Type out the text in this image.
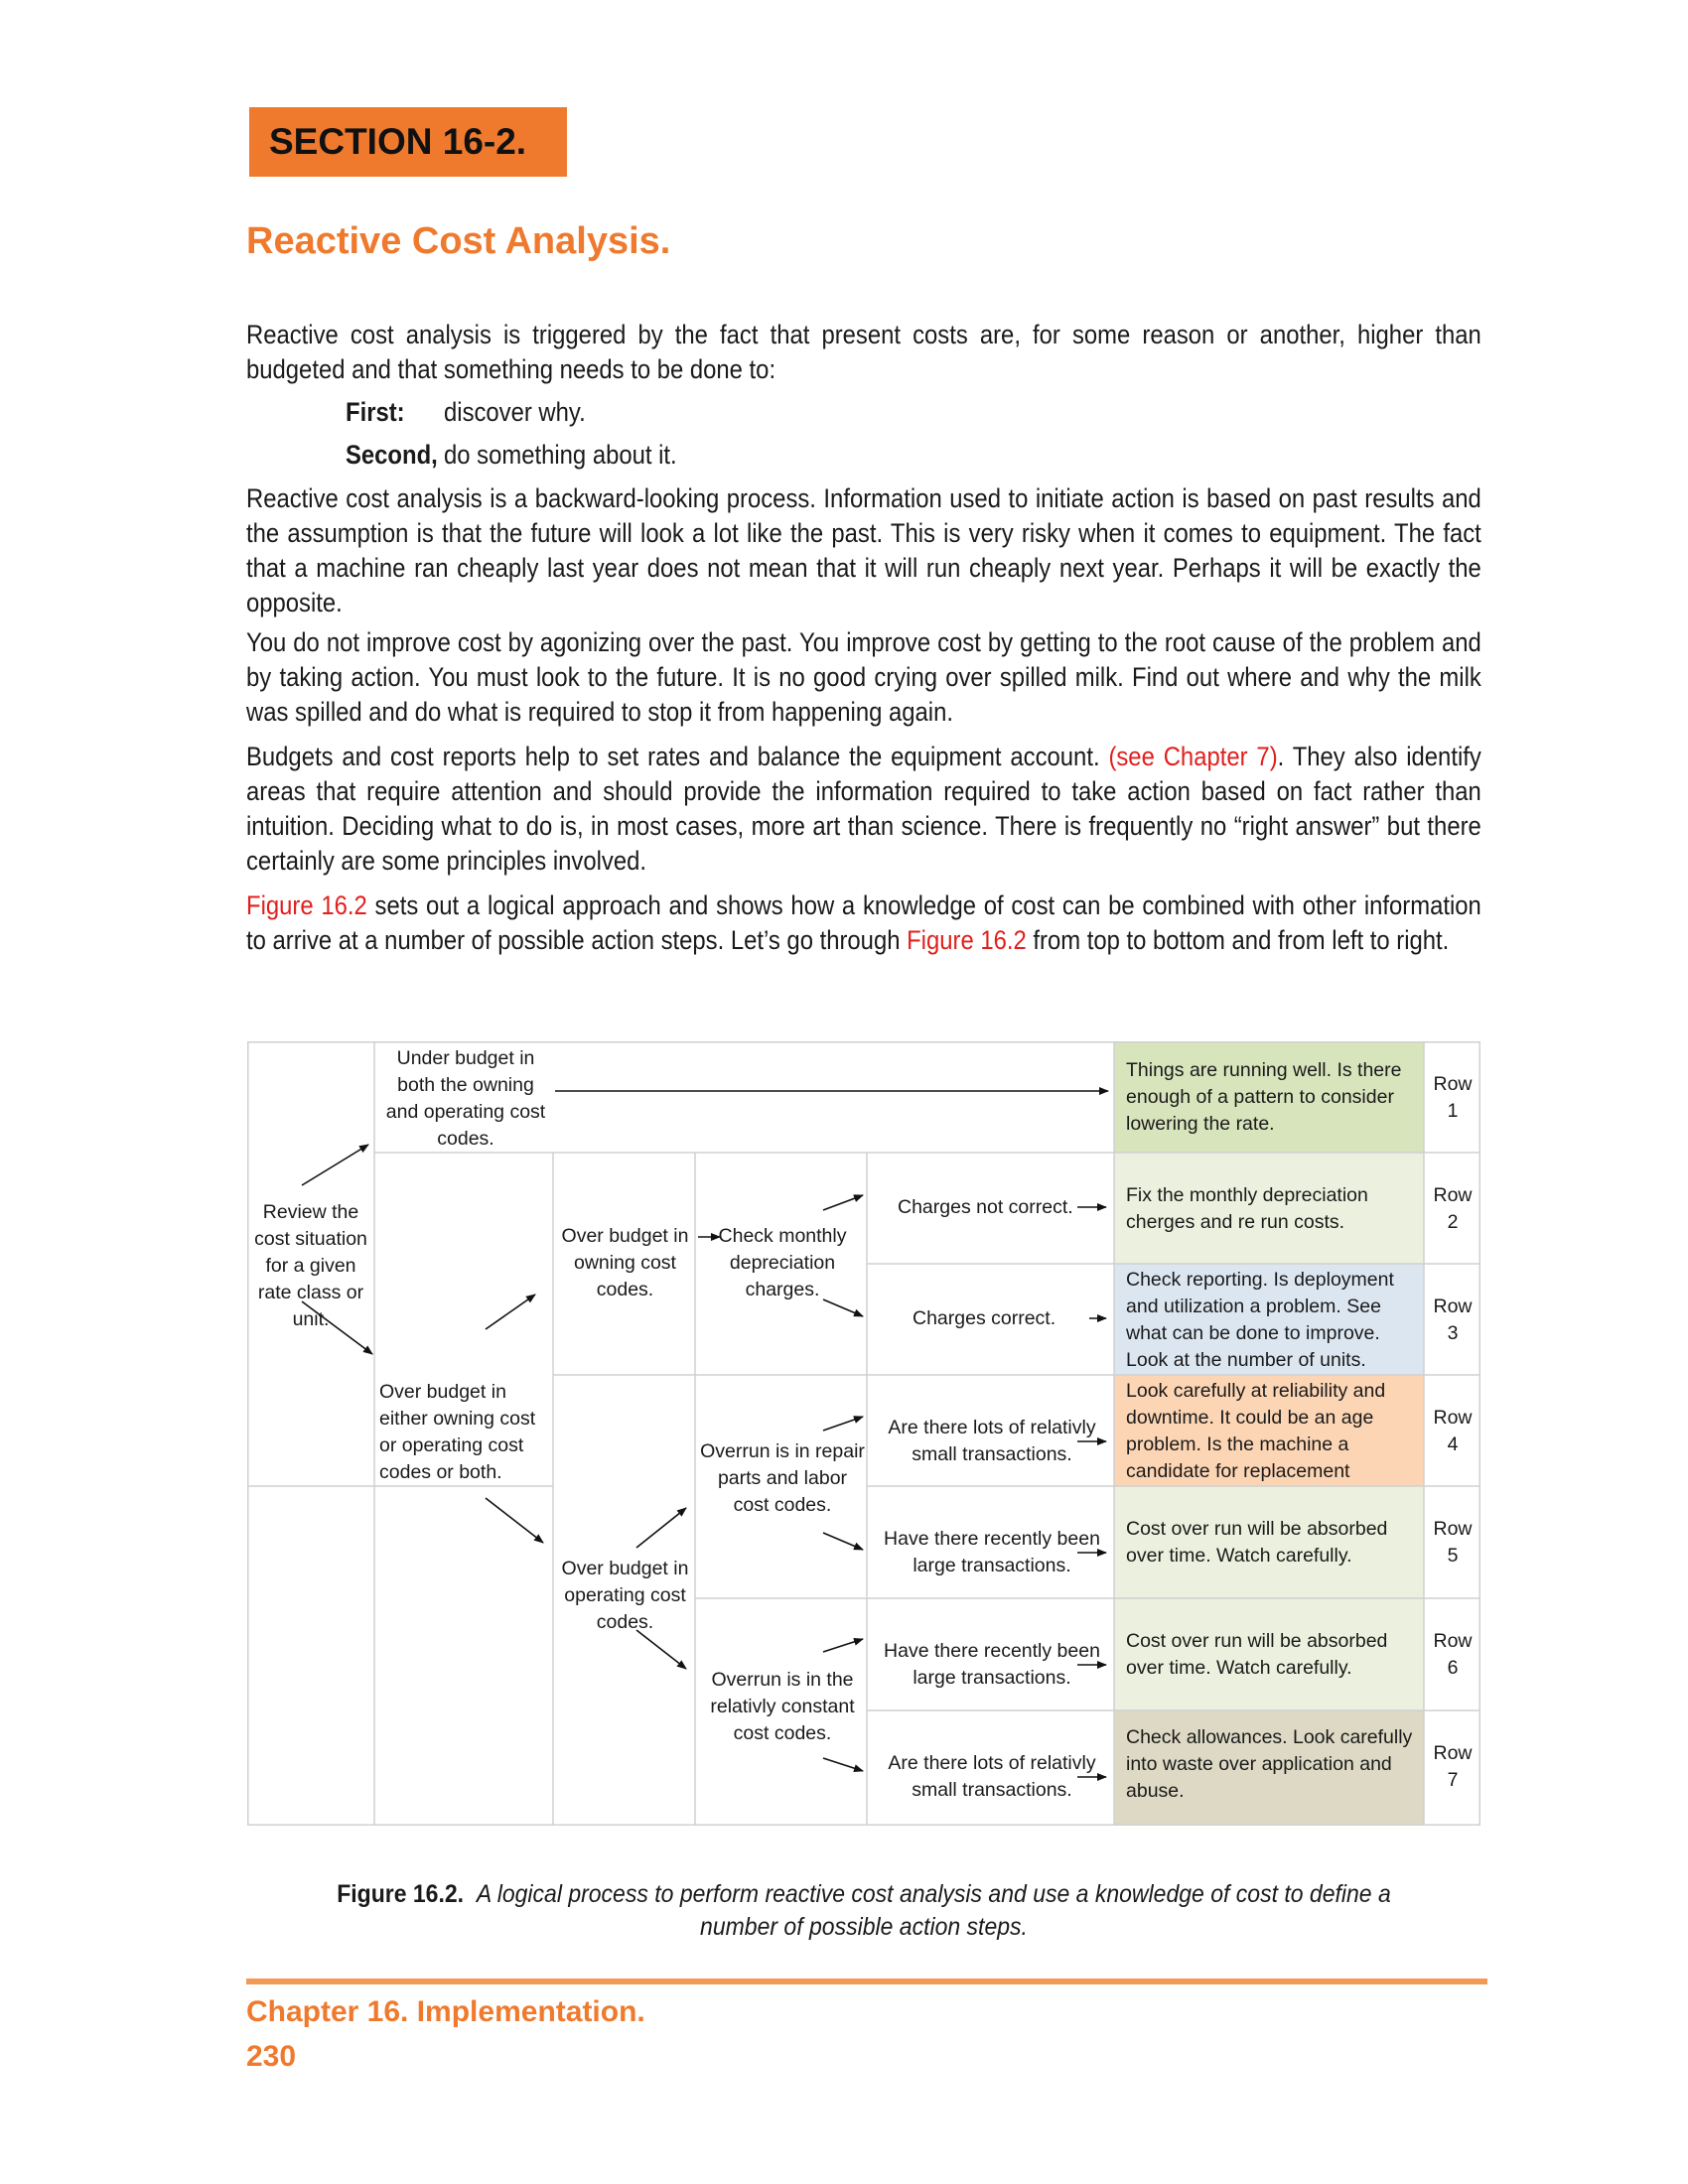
SECTION 16-2.
Reactive Cost Analysis.
Reactive cost analysis is triggered by the fact that present costs are, for some reason or another, higher than budgeted and that something needs to be done to:
First: discover why.
Second, do something about it.
Reactive cost analysis is a backward-looking process. Information used to initiate action is based on past results and the assumption is that the future will look a lot like the past. This is very risky when it comes to equipment. The fact that a machine ran cheaply last year does not mean that it will run cheaply next year. Perhaps it will be exactly the opposite.
You do not improve cost by agonizing over the past. You improve cost by getting to the root cause of the problem and by taking action. You must look to the future. It is no good crying over spilled milk. Find out where and why the milk was spilled and do what is required to stop it from happening again.
Budgets and cost reports help to set rates and balance the equipment account. (see Chapter 7). They also identify areas that require attention and should provide the information required to take action based on fact rather than intuition. Deciding what to do is, in most cases, more art than science. There is frequently no “right answer” but there certainly are some principles involved.
Figure 16.2 sets out a logical approach and shows how a knowledge of cost can be combined with other information to arrive at a number of possible action steps. Let’s go through Figure 16.2 from top to bottom and from left to right.
Review the cost situation for a given rate class or unit.
Under budget in both the owning and operating cost codes.
Over budget in either owning cost or operating cost codes or both.
Over budget in owning cost codes.
Over budget in operating cost codes.
Check monthly depreciation charges.
Overrun is in repair parts and labor cost codes.
Overrun is in the relativly constant cost codes.
Charges not correct.
Charges correct.
Are there lots of relativly small transactions.
Have there recently been large transactions.
Have there recently been large transactions.
Are there lots of relativly small transactions.
Things are running well. Is there enough of a pattern to consider lowering the rate.
Fix the monthly depreciation cherges and re run costs.
Check reporting. Is deployment and utilization a problem. See what can be done to improve. Look at the number of units.
Look carefully at reliability and downtime. It could be an age problem. Is the machine a candidate for replacement
Cost over run will be absorbed over time. Watch carefully.
Cost over run will be absorbed over time. Watch carefully.
Check allowances. Look carefully into waste over application and abuse.
Row 1
Row 2
Row 3
Row 4
Row 5
Row 6
Row 7
Figure 16.2. A logical process to perform reactive cost analysis and use a knowledge of cost to define a number of possible action steps.
Chapter 16. Implementation.
230
